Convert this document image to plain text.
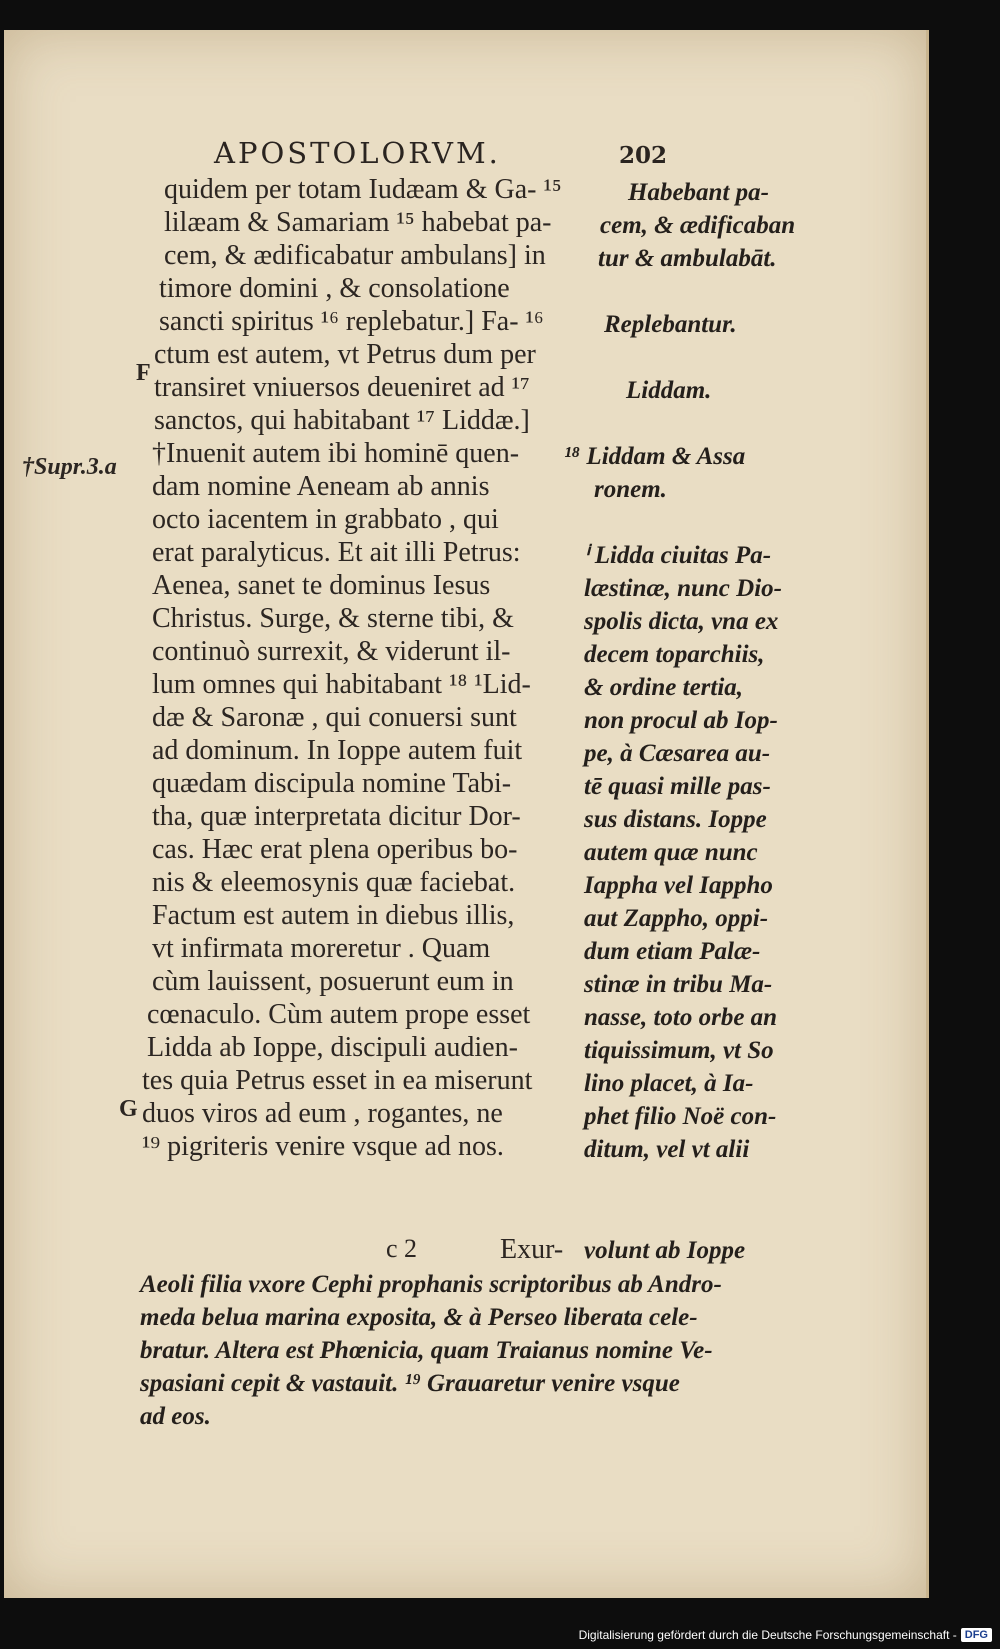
APOSTOLORVM.	202
†Supr.3.a
F
G
quidem per totam Iudæam & Ga- ¹⁵
lilæam & Samariam ¹⁵ habebat pa-
cem, & ædificabatur ambulans] in
timore domini , & consolatione
sancti spiritus ¹⁶ replebatur.] Fa- ¹⁶
ctum est autem, vt Petrus dum per
transiret vniuersos deueniret ad ¹⁷
sanctos, qui habitabant ¹⁷ Liddæ.]
†Inuenit autem ibi hominē quen-
dam nomine Aeneam ab annis
octo iacentem in grabbato , qui
erat paralyticus. Et ait illi Petrus:
Aenea, sanet te dominus Iesus
Christus. Surge, & sterne tibi, &
continuò surrexit, & viderunt il-
lum omnes qui habitabant ¹⁸ ¹Lid-
dæ & Saronæ , qui conuersi sunt
ad dominum. In Ioppe autem fuit
quædam discipula nomine Tabi-
tha, quæ interpretata dicitur Dor-
cas. Hæc erat plena operibus bo-
nis & eleemosynis quæ faciebat.
Factum est autem in diebus illis,
vt infirmata moreretur . Quam
cùm lauissent, posuerunt eum in
cœnaculo. Cùm autem prope esset
Lidda ab Ioppe, discipuli audien-
tes quia Petrus esset in ea miserunt
duos viros ad eum , rogantes, ne
¹⁹ pigriteris venire vsque ad nos.
Habebant pa-
cem, & ædificaban
tur & ambulabāt.
Replebantur.
Liddam.
¹⁸ Liddam & Assa
ronem.
ⁱ Lidda ciuitas Pa-
læstinæ, nunc Dio-
spolis dicta, vna ex
decem toparchiis,
& ordine tertia,
non procul ab Iop-
pe, à Cæsarea au-
tē quasi mille pas-
sus distans. Ioppe
autem quæ nunc
Iappha vel Iappho
aut Zappho, oppi-
dum etiam Palæ-
stinæ in tribu Ma-
nasse, toto orbe an
tiquissimum, vt So
lino placet, à Ia-
phet filio Noë con-
ditum, vel vt alii
volunt ab Ioppe
c 2	Exur-
Aeoli filia vxore Cephi prophanis scriptoribus ab Andro-
meda belua marina exposita, & à Perseo liberata cele-
bratur. Altera est Phœnicia, quam Traianus nomine Ve-
spasiani cepit & vastauit. ¹⁹ Grauaretur venire vsque
ad eos.
Digitalisierung gefördert durch die Deutsche Forschungsgemeinschaft - DFG
